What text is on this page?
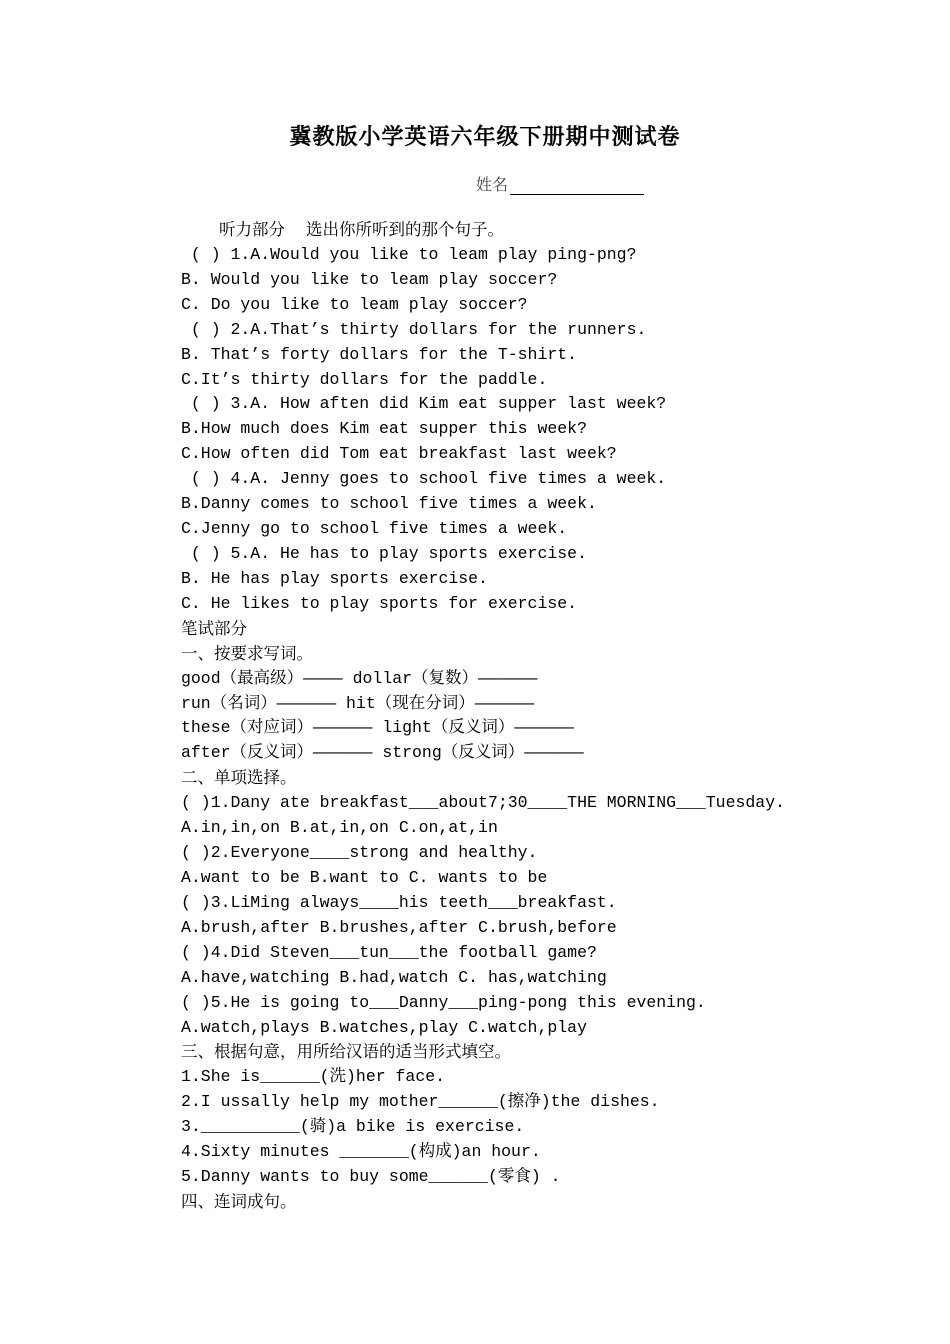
冀教版小学英语六年级下册期中测试卷
姓名
听力部分    选出你所听到的那个句子。
( ) 1.A.Would you like to leam play ping-png?
B. Would you like to leam play soccer?
C. Do you like to leam play soccer?
( ) 2.A.That’s thirty dollars for the runners.
B. That’s forty dollars for the T-shirt.
C.It’s thirty dollars for the paddle.
( ) 3.A. How aften did Kim eat supper last week?
B.How much does Kim eat supper this week?
C.How often did Tom eat breakfast last week?
( ) 4.A. Jenny goes to school five times a week.
B.Danny comes to school five times a week.
C.Jenny go to school five times a week.
( ) 5.A. He has to play sports exercise.
B. He has play sports exercise.
C. He likes to play sports for exercise.
笔试部分
一、按要求写词。
good（最高级）———— dollar（复数）——————
run（名词）—————— hit（现在分词）——————
these（对应词）—————— light（反义词）——————
after（反义词）—————— strong（反义词）——————
二、单项选择。
( )1.Dany ate breakfast___about7;30____THE MORNING___Tuesday.
A.in,in,on B.at,in,on C.on,at,in
( )2.Everyone____strong and healthy.
A.want to be B.want to C. wants to be
( )3.LiMing always____his teeth___breakfast.
A.brush,after B.brushes,after C.brush,before
( )4.Did Steven___tun___the football game?
A.have,watching B.had,watch C. has,watching
( )5.He is going to___Danny___ping-pong this evening.
A.watch,plays B.watches,play C.watch,play
三、根据句意，用所给汉语的适当形式填空。
1.She is______(洗)her face.
2.I ussally help my mother______(擦净)the dishes.
3.__________(骑)a bike is exercise.
4.Sixty minutes _______(构成)an hour.
5.Danny wants to buy some______(零食) .
四、连词成句。
